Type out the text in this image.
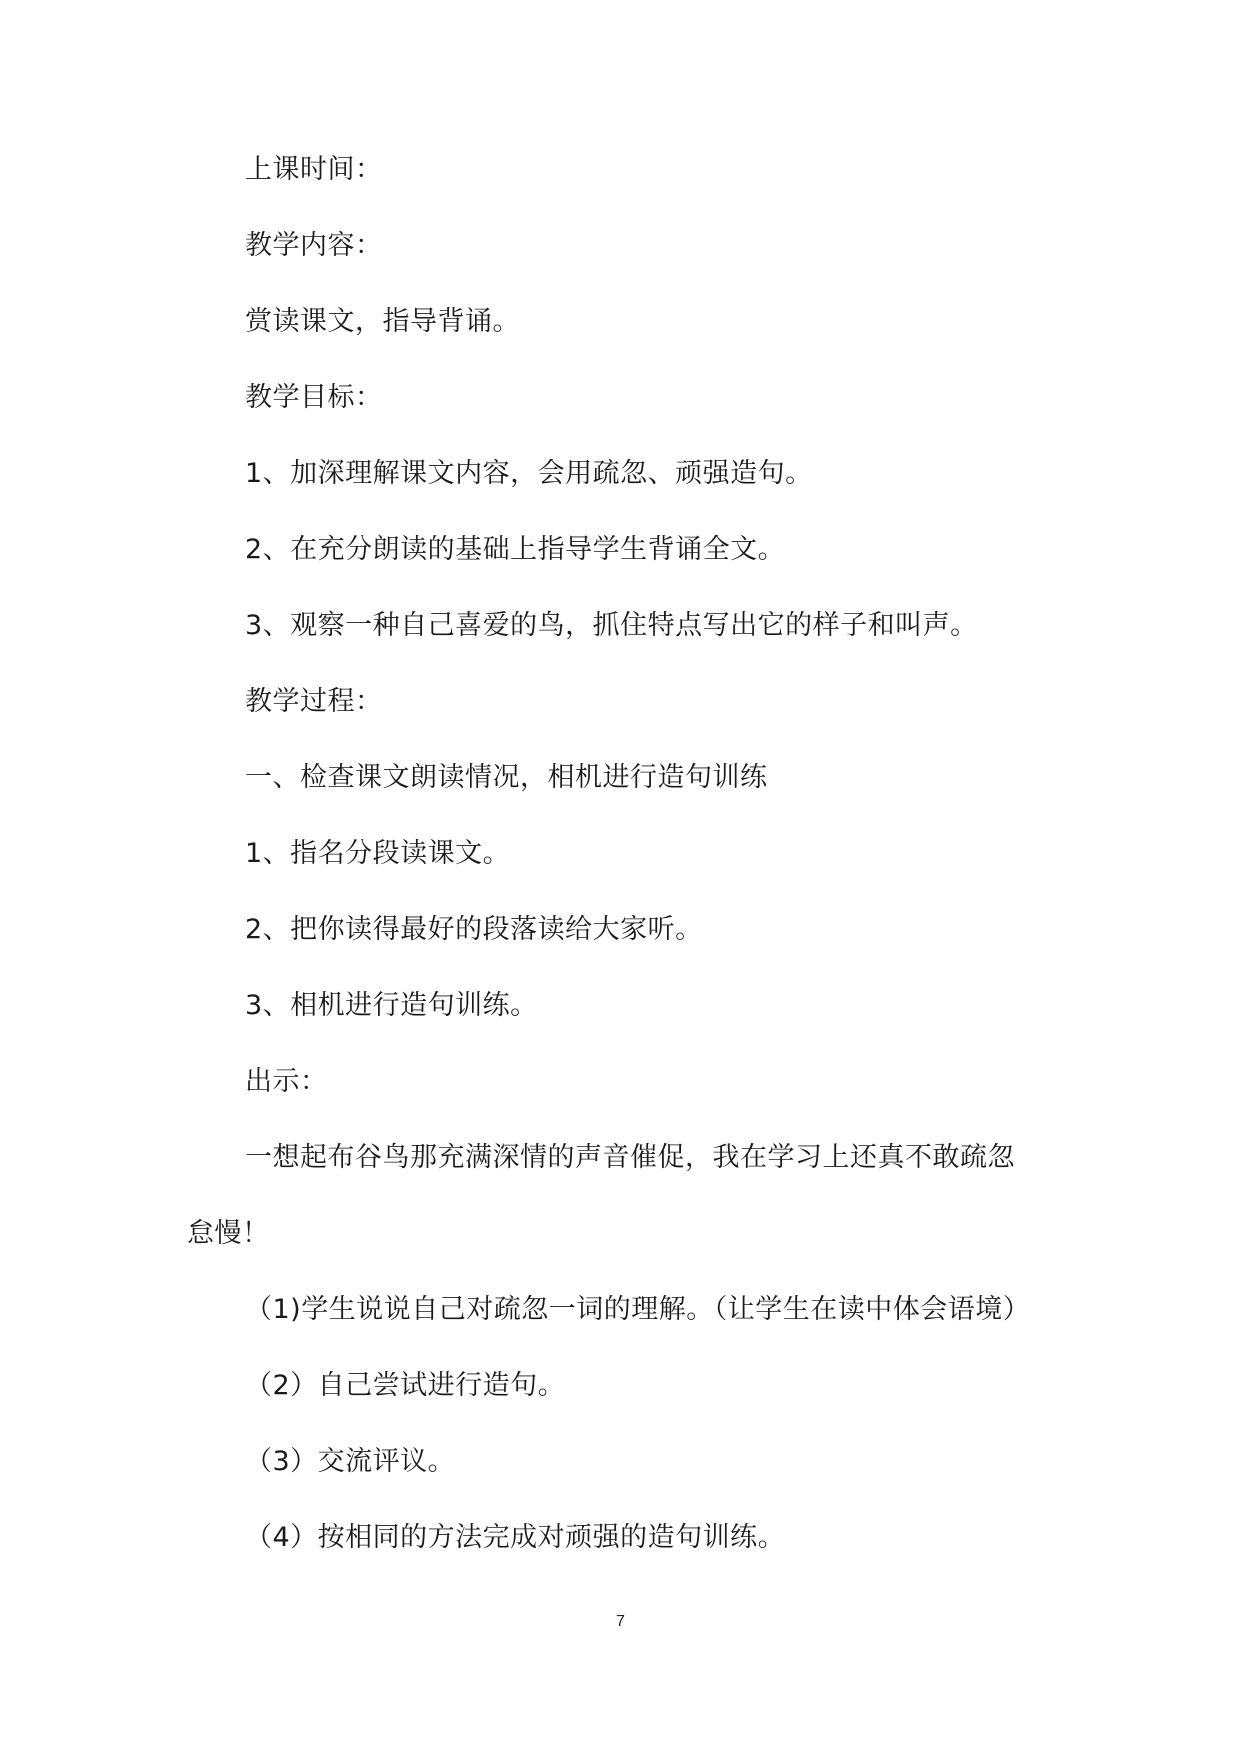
上课时间：
教学内容：
赏读课文，指导背诵。
教学目标：
1、加深理解课文内容，会用疏忽、顽强造句。
2、在充分朗读的基础上指导学生背诵全文。
3、观察一种自己喜爱的鸟，抓住特点写出它的样子和叫声。
教学过程：
一、检查课文朗读情况，相机进行造句训练
1、指名分段读课文。
2、把你读得最好的段落读给大家听。
3、相机进行造句训练。
出示：
一想起布谷鸟那充满深情的声音催促，我在学习上还真不敢疏忽
怠慢！
（1)学生说说自己对疏忽一词的理解。（让学生在读中体会语境）
（2）自己尝试进行造句。
（3）交流评议。
（4）按相同的方法完成对顽强的造句训练。
7
